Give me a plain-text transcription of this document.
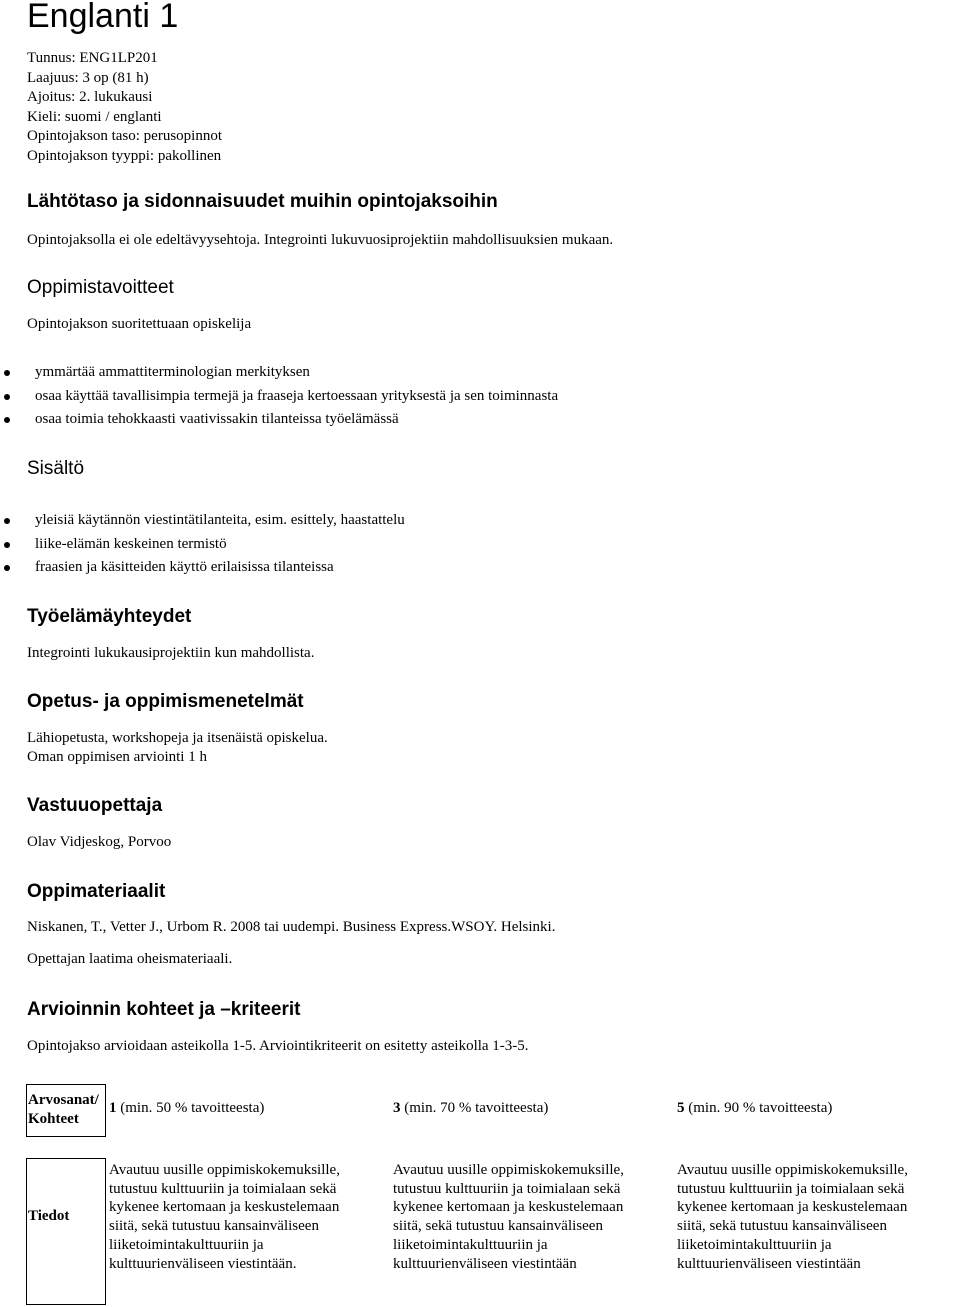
Englanti 1
Tunnus: ENG1LP201
Laajuus: 3 op (81 h)
Ajoitus: 2. lukukausi
Kieli: suomi / englanti
Opintojakson taso: perusopinnot
Opintojakson tyyppi: pakollinen
Lähtötaso ja sidonnaisuudet muihin opintojaksoihin

Opintojaksolla ei ole edeltävyysehtoja. Integrointi lukuvuosiprojektiin mahdollisuuksien mukaan.

Oppimistavoitteet

Opintojakson suoritettuaan opiskelija

ymmärtää ammattiterminologian merkityksen
osaa käyttää tavallisimpia termejä ja fraaseja kertoessaan yrityksestä ja sen toiminnasta
osaa toimia tehokkaasti vaativissakin tilanteissa työelämässä
Sisältö
yleisiä käytännön viestintätilanteita, esim. esittely, haastattelu
liike-elämän keskeinen termistö
fraasien ja käsitteiden käyttö erilaisissa tilanteissa
Työelämäyhteydet

Integrointi lukukausiprojektiin kun mahdollista.

Opetus- ja oppimismenetelmät

Lähiopetusta, workshopeja ja itsenäistä opiskelua.

Oman oppimisen arviointi 1 h

Vastuuopettaja

Olav Vidjeskog, Porvoo

Oppimateriaalit

Niskanen, T., Vetter J., Urbom R. 2008 tai uudempi. Business Express.WSOY. Helsinki.

Opettajan laatima oheismateriaali.

Arvioinnin kohteet ja –kriteerit

Opintojakso arvioidaan asteikolla 1-5. Arviointikriteerit on esitetty asteikolla 1-3-5.

Arvosanat/
Kohteet
1 (min. 50 % tavoitteesta)	3 (min. 70 % tavoitteesta)	5 (min. 90 % tavoitteesta)
Tiedot
Avautuu uusille oppimiskokemuksille,
tutustuu kulttuuriin ja toimialaan sekä
kykenee kertomaan ja keskustelemaan
siitä, sekä tutustuu kansainväliseen
liiketoimintakulttuuriin ja
kulttuurienväliseen viestintään.
Avautuu uusille oppimiskokemuksille,
tutustuu kulttuuriin ja toimialaan sekä
kykenee kertomaan ja keskustelemaan
siitä, sekä tutustuu kansainväliseen
liiketoimintakulttuuriin ja
kulttuurienväliseen viestintään
Avautuu uusille oppimiskokemuksille,
tutustuu kulttuuriin ja toimialaan sekä
kykenee kertomaan ja keskustelemaan
siitä, sekä tutustuu kansainväliseen
liiketoimintakulttuuriin ja
kulttuurienväliseen viestintään
